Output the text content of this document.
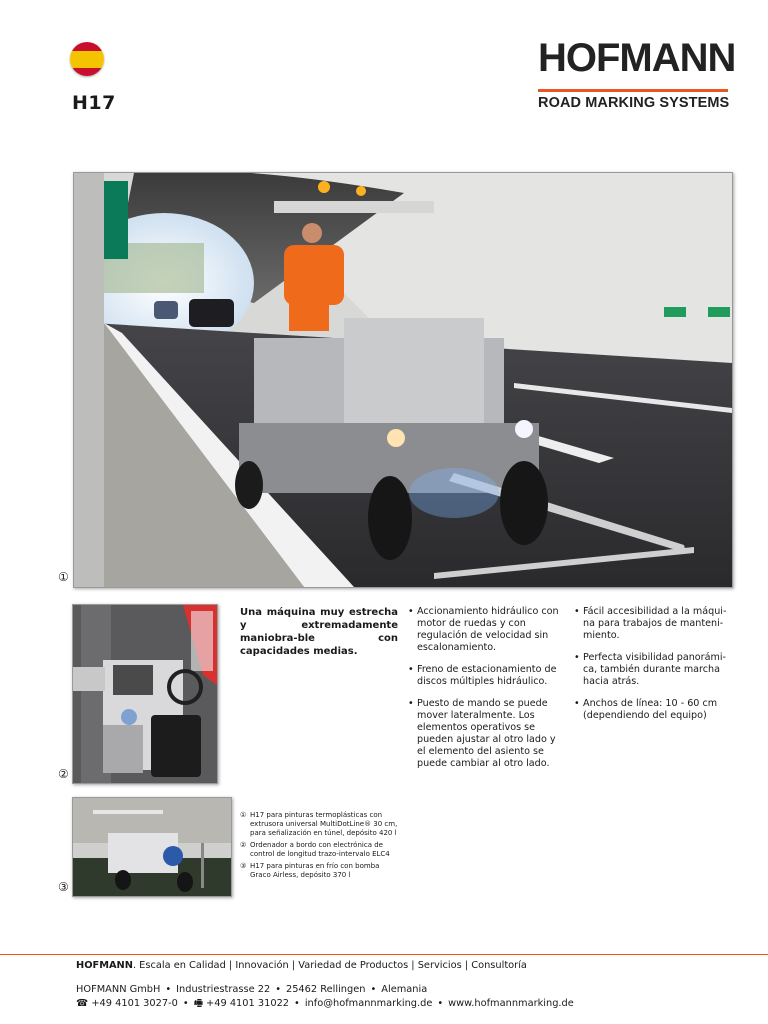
H17
HOFMANN
ROAD MARKING SYSTEMS
①
②
③
Una máquina muy estrecha y extremadamente maniobra-ble con capacidades medias.
• Accionamiento hidráulico con motor de ruedas y con regulación de velocidad sin escalonamiento.
• Freno de estacionamiento de discos múltiples hidráulico.
• Puesto de mando se puede mover lateralmente. Los elementos operativos se pueden ajustar al otro lado y el elemento del asiento se puede cambiar al otro lado.
• Fácil accesibilidad a la máqui-na para trabajos de manteni-miento.
• Perfecta visibilidad panorámi-ca, también durante marcha hacia atrás.
• Anchos de línea: 10 - 60 cm (dependiendo del equipo)
① H17 para pinturas termoplásticas con extrusora universal MultiDotLine® 30 cm, para señalización en túnel, depósito 420 l
② Ordenador a bordo con electrónica de control de longitud trazo-intervalo ELC4
③ H17 para pinturas en frío con bomba Graco Airless, depósito 370 l
HOFMANN. Escala en Calidad | Innovación | Variedad de Productos | Servicios | Consultoría
HOFMANN GmbH • Industriestrasse 22 • 25462 Rellingen • Alemania
☎ +49 4101 3027-0 • 🖷 +49 4101 31022 • info@hofmannmarking.de • www.hofmannmarking.de
